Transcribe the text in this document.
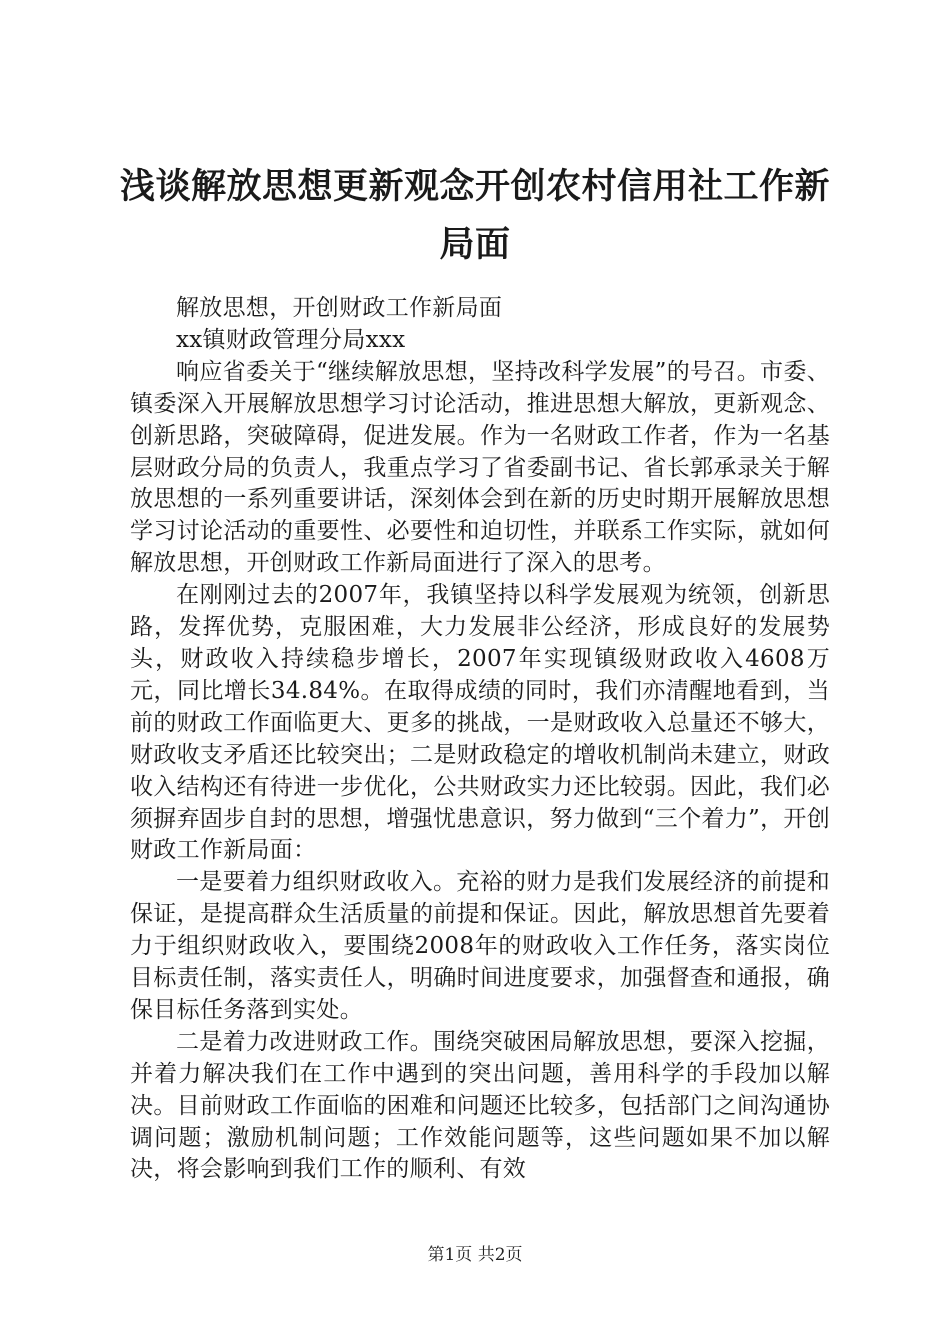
浅谈解放思想更新观念开创农村信用社工作新局面

解放思想，开创财政工作新局面

xx镇财政管理分局xxx

响应省委关于“继续解放思想，坚持改科学发展”的号召。市委、镇委深入开展解放思想学习讨论活动，推进思想大解放，更新观念、创新思路，突破障碍，促进发展。作为一名财政工作者，作为一名基层财政分局的负责人，我重点学习了省委副书记、省长郭承录关于解放思想的一系列重要讲话，深刻体会到在新的历史时期开展解放思想学习讨论活动的重要性、必要性和迫切性，并联系工作实际，就如何解放思想，开创财政工作新局面进行了深入的思考。

在刚刚过去的2007年，我镇坚持以科学发展观为统领，创新思路，发挥优势，克服困难，大力发展非公经济，形成良好的发展势头，财政收入持续稳步增长，2007年实现镇级财政收入4608万元，同比增长34.84%。在取得成绩的同时，我们亦清醒地看到，当前的财政工作面临更大、更多的挑战，一是财政收入总量还不够大，财政收支矛盾还比较突出；二是财政稳定的增收机制尚未建立，财政收入结构还有待进一步优化，公共财政实力还比较弱。因此，我们必须摒弃固步自封的思想，增强忧患意识，努力做到“三个着力”，开创财政工作新局面：

一是要着力组织财政收入。充裕的财力是我们发展经济的前提和保证，是提高群众生活质量的前提和保证。因此，解放思想首先要着力于组织财政收入，要围绕2008年的财政收入工作任务，落实岗位目标责任制，落实责任人，明确时间进度要求，加强督查和通报，确保目标任务落到实处。

二是着力改进财政工作。围绕突破困局解放思想，要深入挖掘，并着力解决我们在工作中遇到的突出问题，善用科学的手段加以解决。目前财政工作面临的困难和问题还比较多，包括部门之间沟通协调问题；激励机制问题；工作效能问题等，这些问题如果不加以解决，将会影响到我们工作的顺利、有效

第1页 共2页
